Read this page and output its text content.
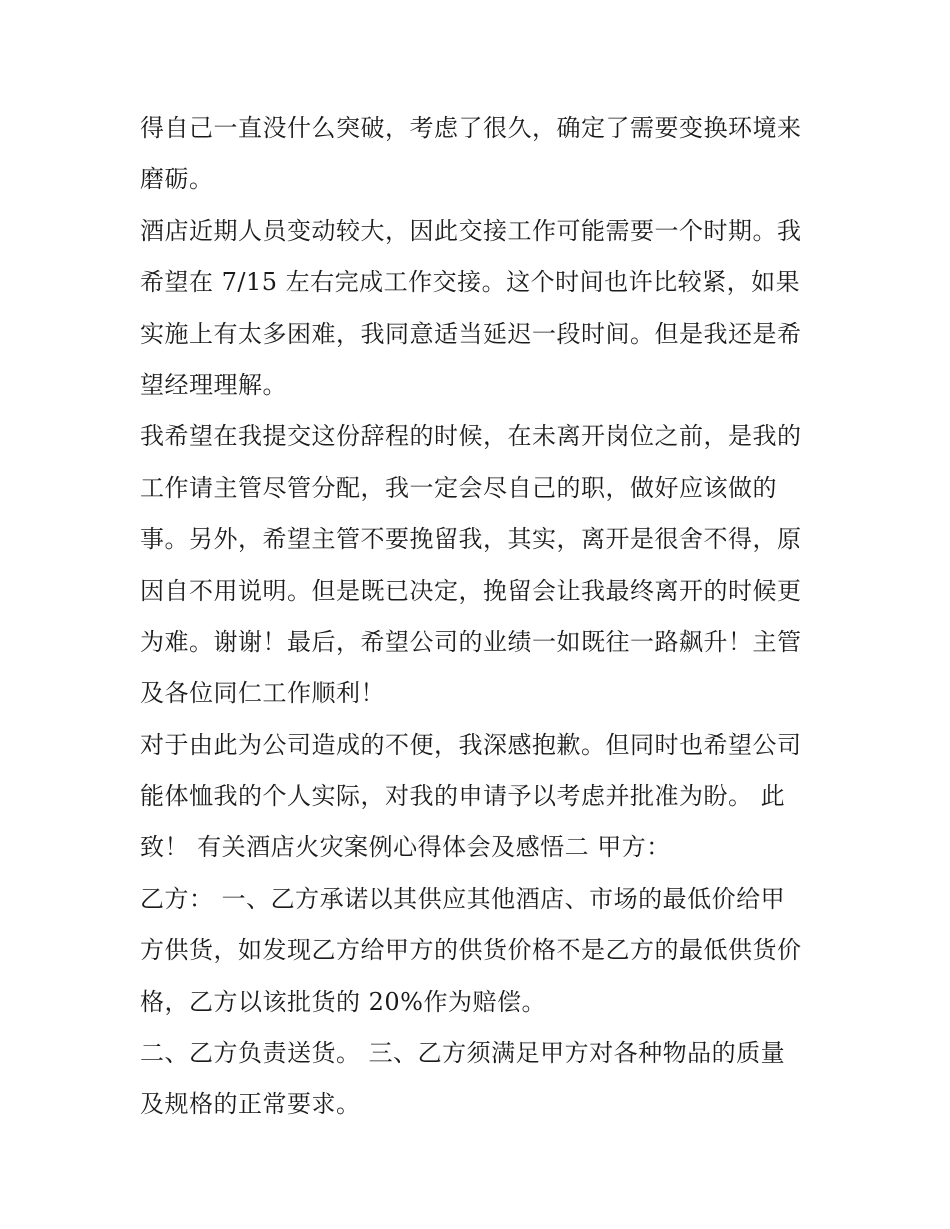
得自己一直没什么突破，考虑了很久，确定了需要变换环境来
磨砺。
酒店近期人员变动较大，因此交接工作可能需要一个时期。我
希望在 7/15 左右完成工作交接。这个时间也许比较紧，如果
实施上有太多困难，我同意适当延迟一段时间。但是我还是希
望经理理解。
我希望在我提交这份辞程的时候，在未离开岗位之前，是我的
工作请主管尽管分配，我一定会尽自己的职，做好应该做的
事。另外，希望主管不要挽留我，其实，离开是很舍不得，原
因自不用说明。但是既已决定，挽留会让我最终离开的时候更
为难。谢谢！最后，希望公司的业绩一如既往一路飙升！主管
及各位同仁工作顺利！
对于由此为公司造成的不便，我深感抱歉。但同时也希望公司
能体恤我的个人实际，对我的申请予以考虑并批准为盼。 此
致！ 有关酒店火灾案例心得体会及感悟二 甲方：
乙方： 一、乙方承诺以其供应其他酒店、市场的最低价给甲
方供货，如发现乙方给甲方的供货价格不是乙方的最低供货价
格，乙方以该批货的 20%作为赔偿。
二、乙方负责送货。 三、乙方须满足甲方对各种物品的质量
及规格的正常要求。
